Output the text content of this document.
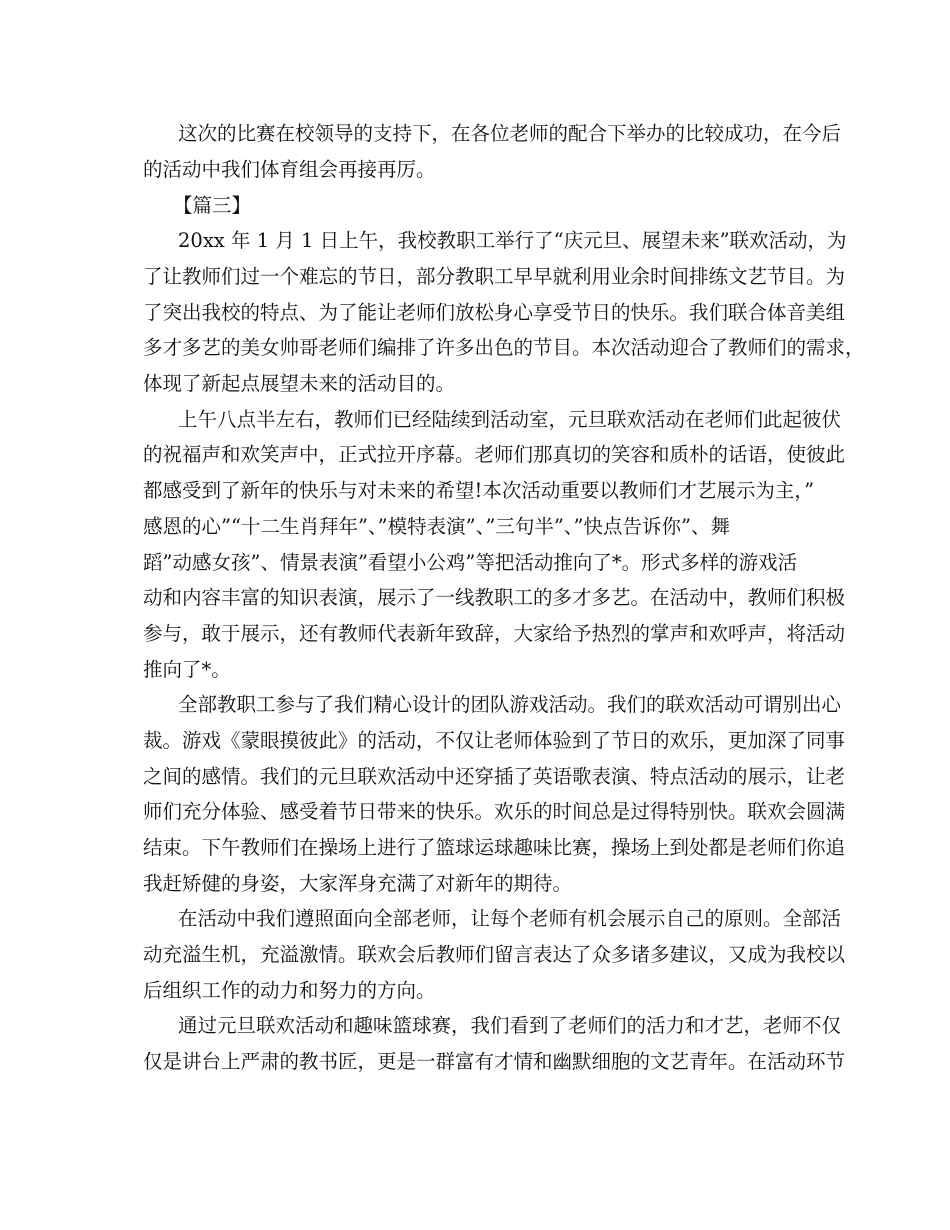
这次的比赛在校领导的支持下，在各位老师的配合下举办的比较成功，在今后
的活动中我们体育组会再接再厉。
【篇三】
20xx 年 1 月 1 日上午，我校教职工举行了“庆元旦、展望未来”联欢活动，为
了让教师们过一个难忘的节日，部分教职工早早就利用业余时间排练文艺节目。为
了突出我校的特点、为了能让老师们放松身心享受节日的快乐。我们联合体音美组
多才多艺的美女帅哥老师们编排了许多出色的节目。本次活动迎合了教师们的需求，
体现了新起点展望未来的活动目的。
上午八点半左右，教师们已经陆续到活动室，元旦联欢活动在老师们此起彼伏
的祝福声和欢笑声中，正式拉开序幕。老师们那真切的笑容和质朴的话语，使彼此
都感受到了新年的快乐与对未来的希望!本次活动重要以教师们才艺展示为主，”
感恩的心”“十二生肖拜年”、”模特表演”、”三句半”、”快点告诉你”、舞
蹈”动感女孩”、情景表演”看望小公鸡”等把活动推向了*。形式多样的游戏活
动和内容丰富的知识表演，展示了一线教职工的多才多艺。在活动中，教师们积极
参与，敢于展示，还有教师代表新年致辞，大家给予热烈的掌声和欢呼声，将活动
推向了*。
全部教职工参与了我们精心设计的团队游戏活动。我们的联欢活动可谓别出心
裁。游戏《蒙眼摸彼此》的活动，不仅让老师体验到了节日的欢乐，更加深了同事
之间的感情。我们的元旦联欢活动中还穿插了英语歌表演、特点活动的展示，让老
师们充分体验、感受着节日带来的快乐。欢乐的时间总是过得特别快。联欢会圆满
结束。下午教师们在操场上进行了篮球运球趣味比赛，操场上到处都是老师们你追
我赶矫健的身姿，大家浑身充满了对新年的期待。
在活动中我们遵照面向全部老师，让每个老师有机会展示自己的原则。全部活
动充溢生机，充溢激情。联欢会后教师们留言表达了众多诸多建议，又成为我校以
后组织工作的动力和努力的方向。
通过元旦联欢活动和趣味篮球赛，我们看到了老师们的活力和才艺，老师不仅
仅是讲台上严肃的教书匠，更是一群富有才情和幽默细胞的文艺青年。在活动环节
